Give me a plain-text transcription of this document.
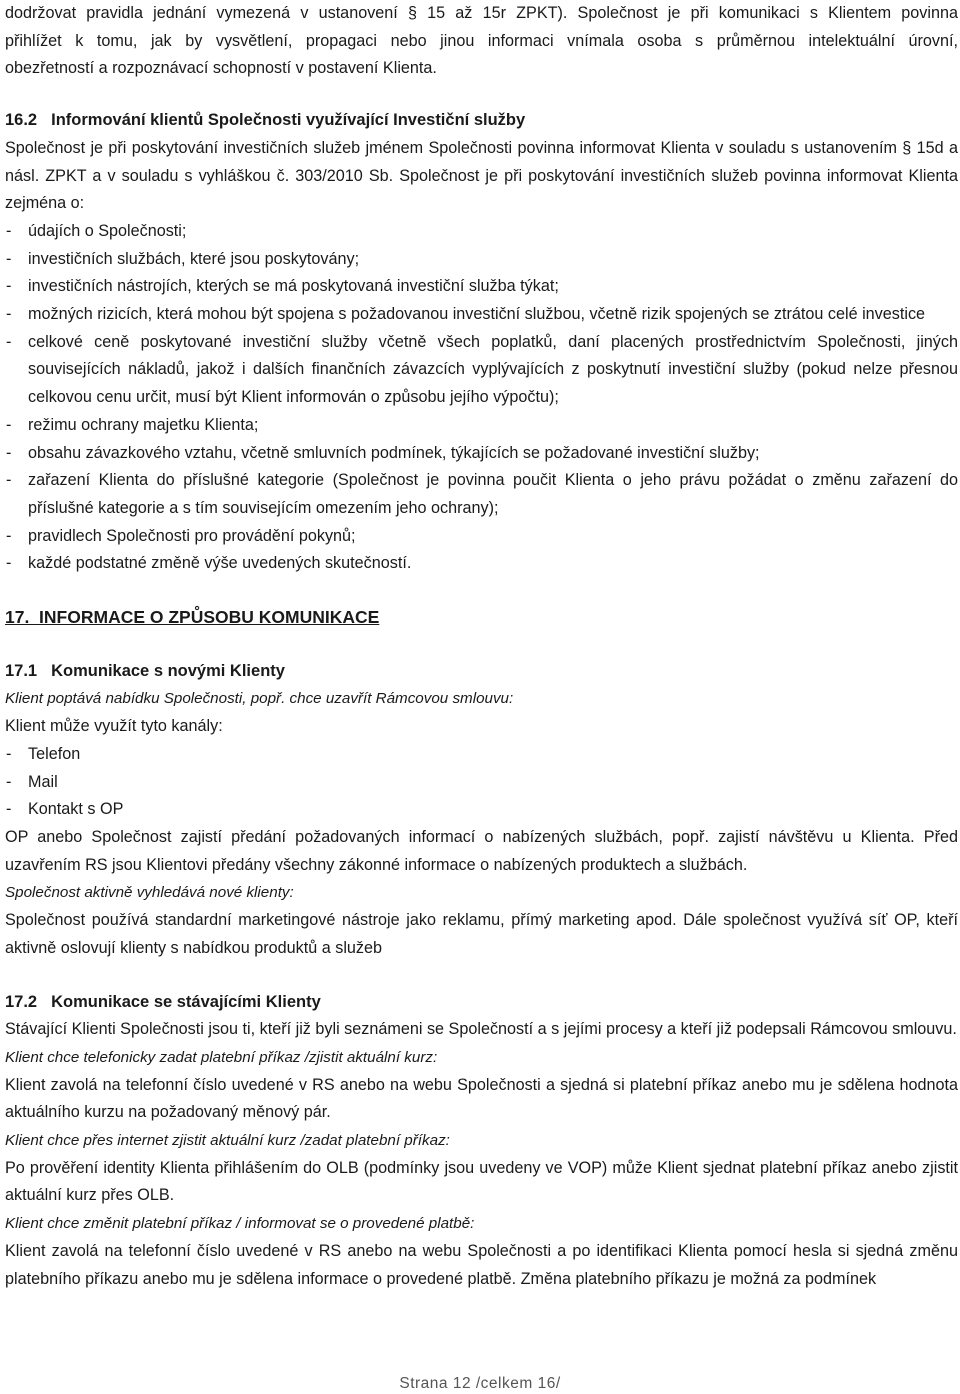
dodržovat pravidla jednání vymezená v ustanovení § 15 až 15r ZPKT). Společnost je při komunikaci s Klientem povinna

přihlížet k tomu, jak by vysvětlení, propagaci nebo jinou informaci vnímala osoba s průměrnou intelektuální úrovní,

obezřetností a rozpoznávací schopností v postavení Klienta.

16.2 Informování klientů Společnosti využívající Investiční služby

Společnost je při poskytování investičních služeb jménem Společnosti povinna informovat Klienta v souladu s ustanovením § 15d a násl. ZPKT a v souladu s vyhláškou č. 303/2010 Sb. Společnost je při poskytování investičních služeb povinna informovat Klienta zejména o:

- údajích o Společnosti;
- investičních službách, které jsou poskytovány;
- investičních nástrojích, kterých se má poskytovaná investiční služba týkat;
- možných rizicích, která mohou být spojena s požadovanou investiční službou, včetně rizik spojených se ztrátou celé investice
- celkové ceně poskytované investiční služby včetně všech poplatků, daní placených prostřednictvím Společnosti, jiných souvisejících nákladů, jakož i dalších finančních závazcích vyplývajících z poskytnutí investiční služby (pokud nelze přesnou celkovou cenu určit, musí být Klient informován o způsobu jejího výpočtu);
- režimu ochrany majetku Klienta;
- obsahu závazkového vztahu, včetně smluvních podmínek, týkajících se požadované investiční služby;
- zařazení Klienta do příslušné kategorie (Společnost je povinna poučit Klienta o jeho právu požádat o změnu zařazení do příslušné kategorie a s tím souvisejícím omezením jeho ochrany);
- pravidlech Společnosti pro provádění pokynů;
- každé podstatné změně výše uvedených skutečností.
17.  INFORMACE O ZPŮSOBU KOMUNIKACE
17.1 Komunikace s novými Klienty
Klient poptává nabídku Společnosti, popř. chce uzavřít Rámcovou smlouvu:

Klient může využít tyto kanály:

- Telefon
- Mail
- Kontakt s OP

OP anebo Společnost zajistí předání požadovaných informací o nabízených službách, popř. zajistí návštěvu u Klienta. Před uzavřením RS jsou Klientovi předány všechny zákonné informace o nabízených produktech a službách.

Společnost aktivně vyhledává nové klienty:

Společnost používá standardní marketingové nástroje jako reklamu, přímý marketing apod. Dále společnost využívá síť OP, kteří aktivně oslovují klienty s nabídkou produktů a služeb

17.2 Komunikace se stávajícími Klienty

Stávající Klienti Společnosti jsou ti, kteří již byli seznámeni se Společností a s jejími procesy a kteří již podepsali Rámcovou smlouvu.

Klient chce telefonicky zadat platební příkaz /zjistit aktuální kurz:

Klient zavolá na telefonní číslo uvedené v RS anebo na webu Společnosti a sjedná si platební příkaz anebo mu je sdělena hodnota aktuálního kurzu na požadovaný měnový pár.

Klient chce přes internet zjistit aktuální kurz /zadat platební příkaz:

Po prověření identity Klienta přihlášením do OLB (podmínky jsou uvedeny ve VOP) může Klient sjednat platební příkaz anebo zjistit aktuální kurz přes OLB.

Klient chce změnit platební příkaz / informovat se o provedené platbě:

Klient zavolá na telefonní číslo uvedené v RS anebo na webu Společnosti a po identifikaci Klienta pomocí hesla si sjedná změnu platebního příkazu anebo mu je sdělena informace o provedené platbě. Změna platebního příkazu je možná za podmínek

Strana 12 /celkem 16/
